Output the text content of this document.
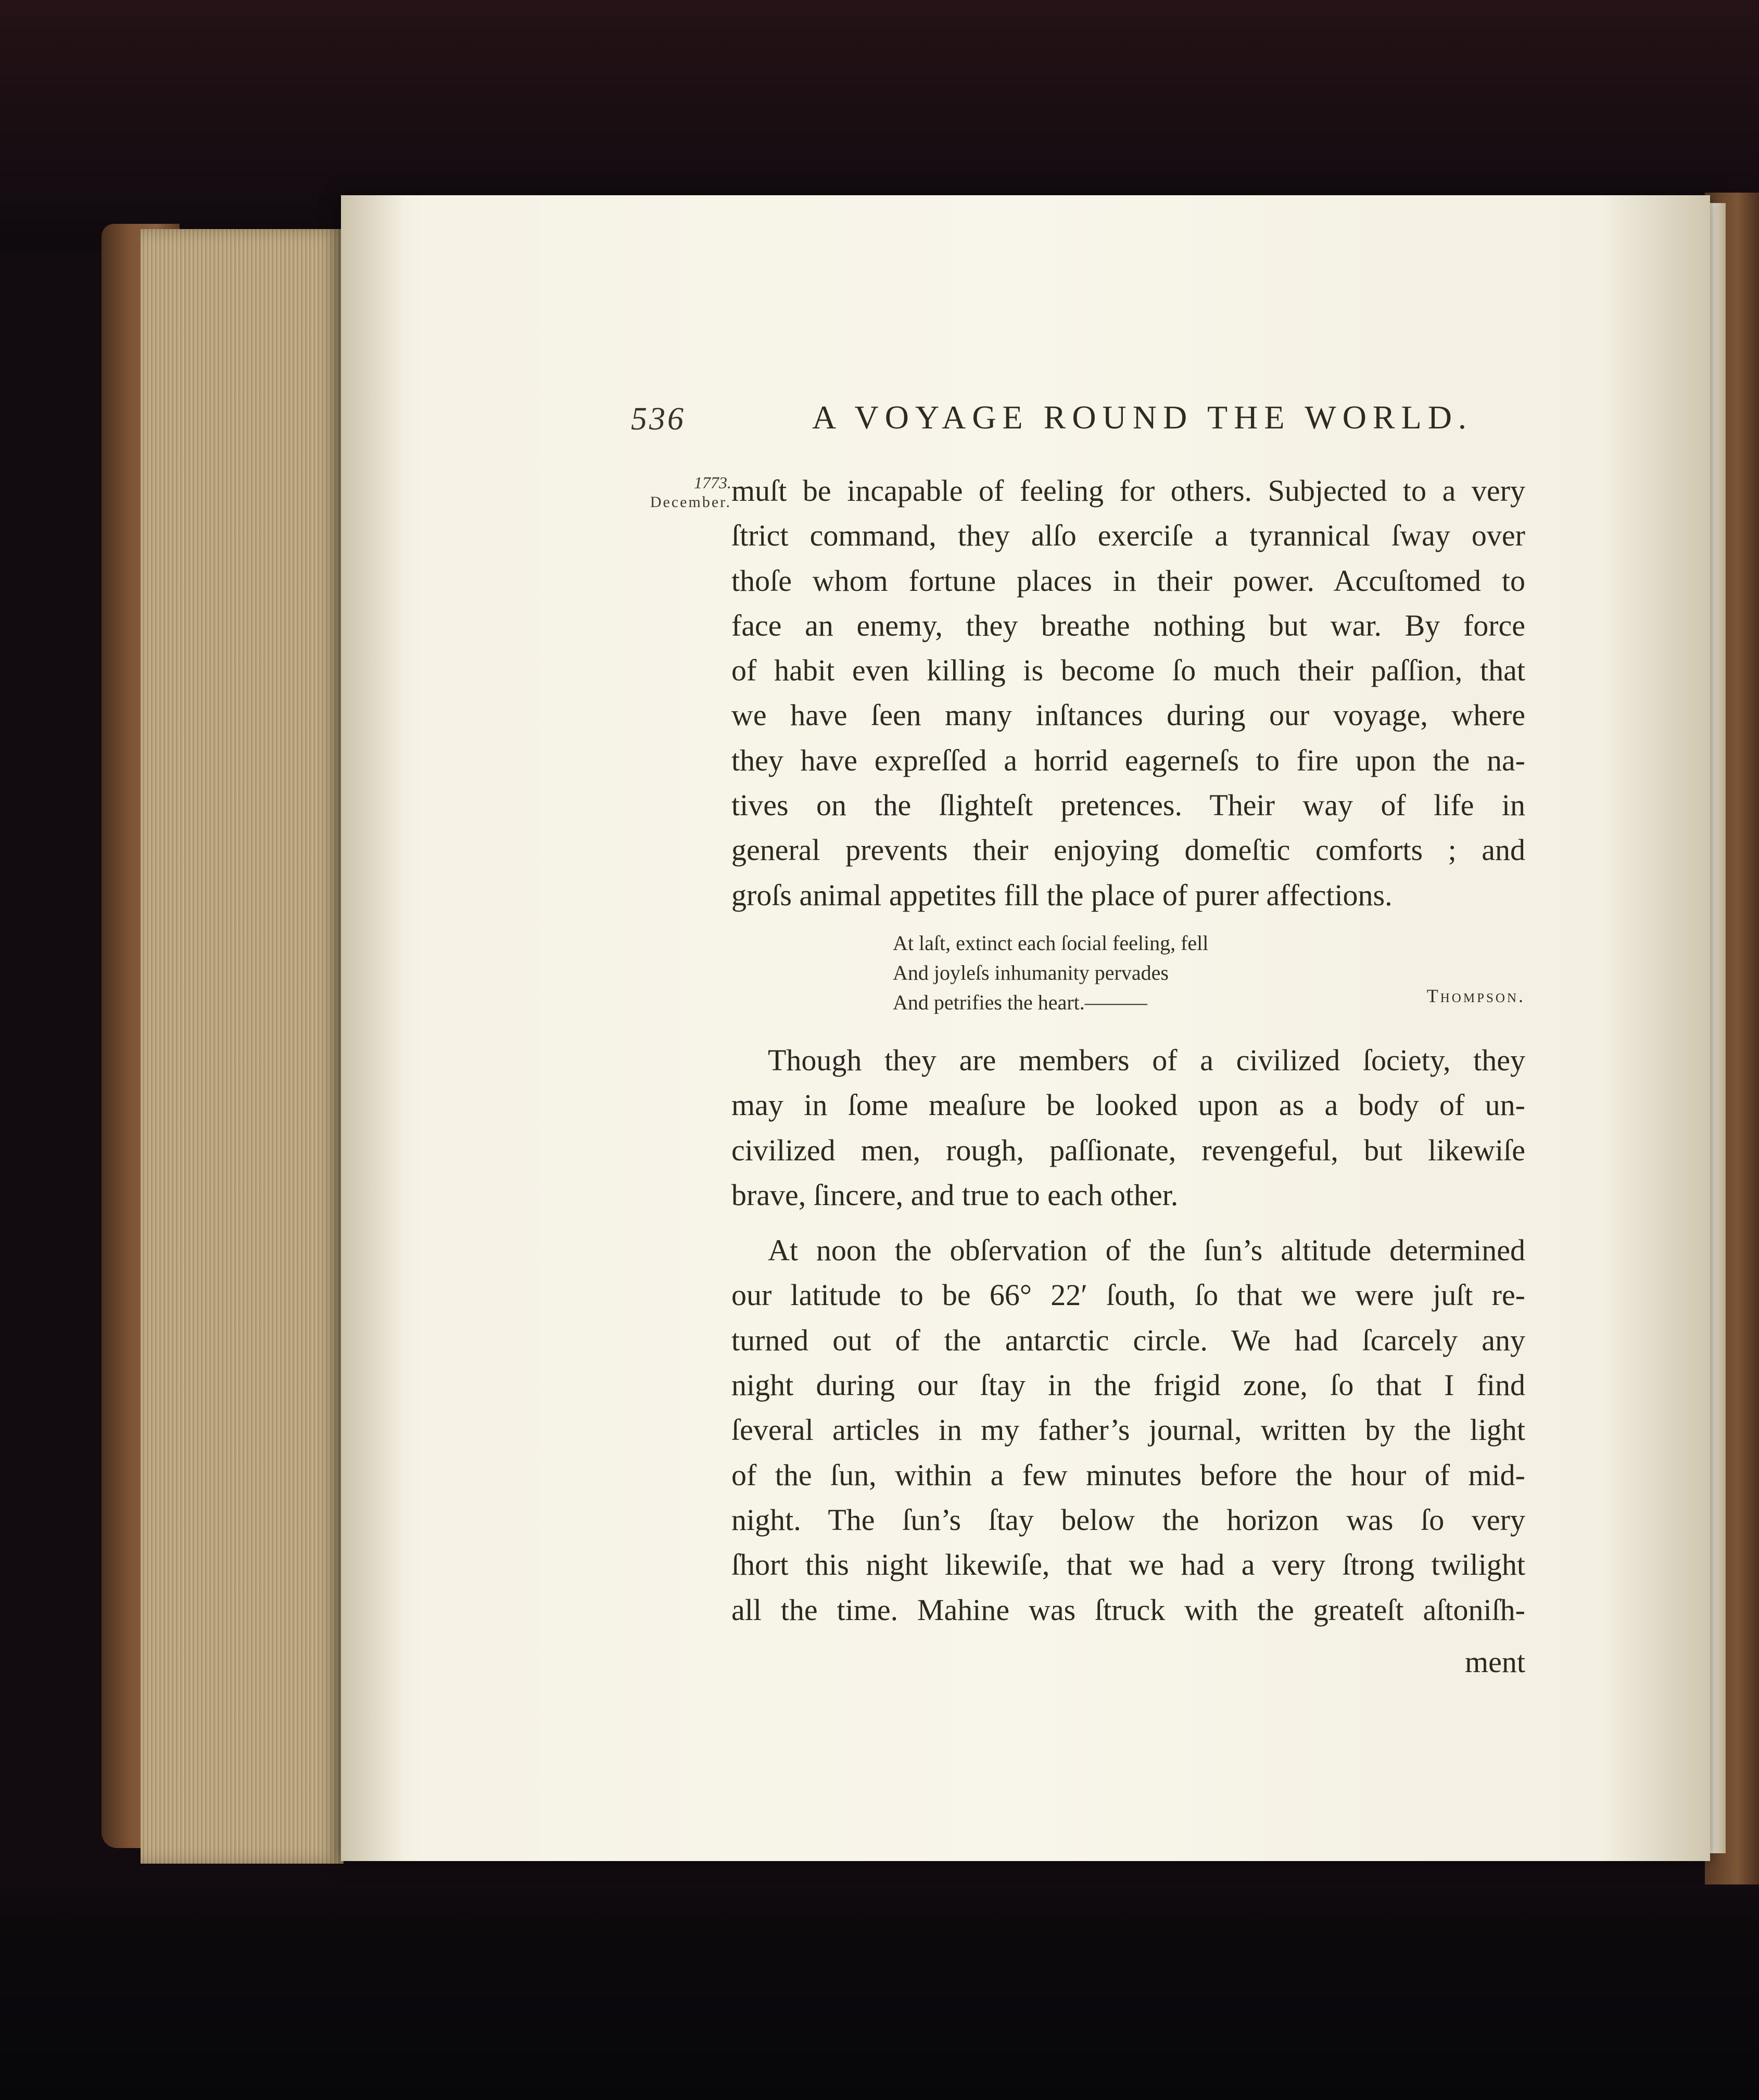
536	A VOYAGE ROUND THE WORLD.
1773.
December. muſt be incapable of feeling for others. Subjected to a very
ſtrict command, they alſo exerciſe a tyrannical ſway over
thoſe whom fortune places in their power. Accuſtomed to
face an enemy, they breathe nothing but war. By force
of habit even killing is become ſo much their paſſion, that
we have ſeen many inſtances during our voyage, where
they have expreſſed a horrid eagerneſs to fire upon the na-
tives on the ſlighteſt pretences. Their way of life in
general prevents their enjoying domeſtic comforts ; and
groſs animal appetites fill the place of purer affections.

At laſt, extinct each ſocial feeling, fell
And joyleſs inhumanity pervades
And petrifies the heart.———	Thompson.

Though they are members of a civilized ſociety, they
may in ſome meaſure be looked upon as a body of un-
civilized men, rough, paſſionate, revengeful, but likewiſe
brave, ſincere, and true to each other.

At noon the obſervation of the ſun’s altitude determined
our latitude to be 66° 22′ ſouth, ſo that we were juſt re-
turned out of the antarctic circle. We had ſcarcely any
night during our ſtay in the frigid zone, ſo that I find
ſeveral articles in my father’s journal, written by the light
of the ſun, within a few minutes before the hour of mid-
night. The ſun’s ſtay below the horizon was ſo very
ſhort this night likewiſe, that we had a very ſtrong twilight
all the time. Mahine was ſtruck with the greateſt aſtoniſh-

ment
